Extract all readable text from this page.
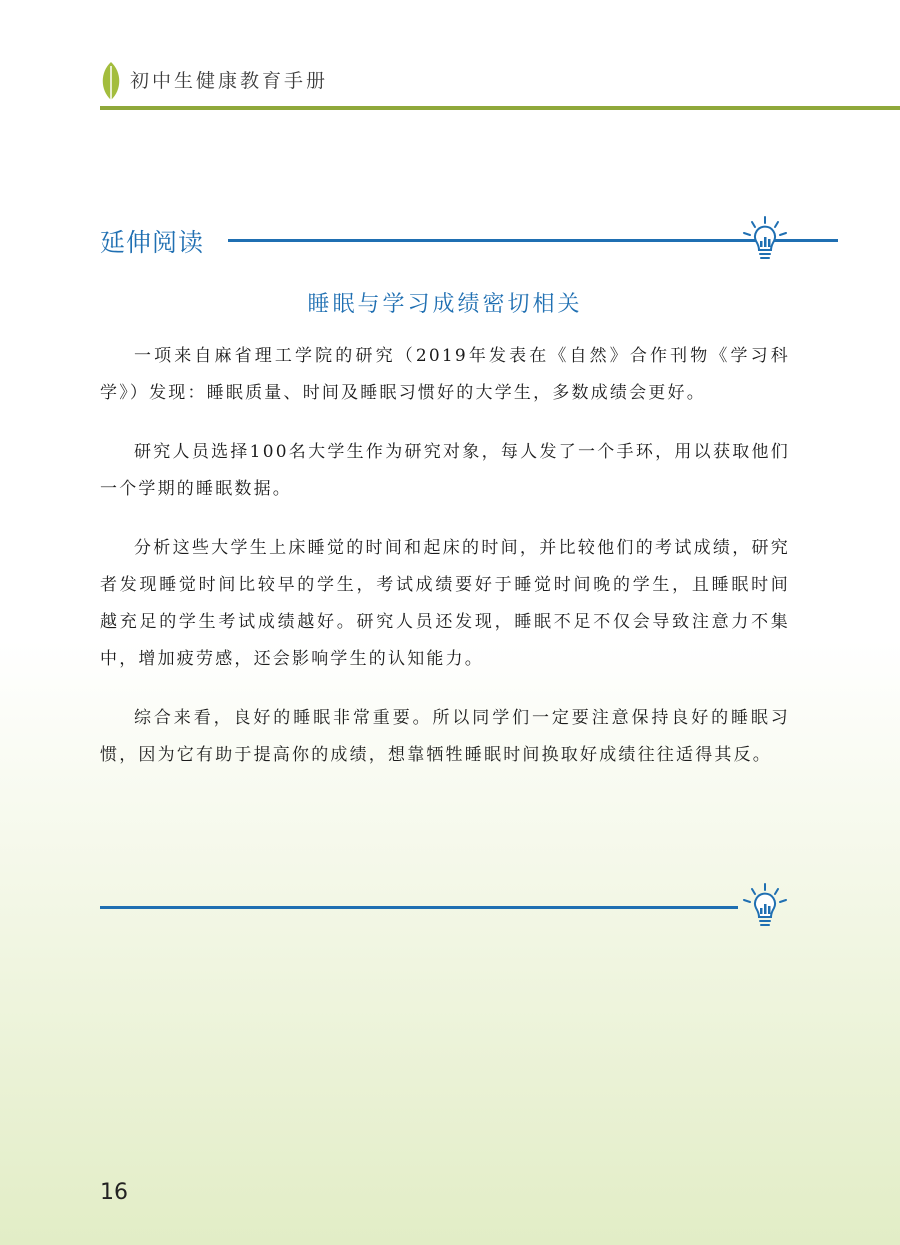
初中生健康教育手册
延伸阅读
睡眠与学习成绩密切相关

一项来自麻省理工学院的研究（2019年发表在《自然》合作刊物《学习科学》）发现：睡眠质量、时间及睡眠习惯好的大学生，多数成绩会更好。

研究人员选择100名大学生作为研究对象，每人发了一个手环，用以获取他们一个学期的睡眠数据。

分析这些大学生上床睡觉的时间和起床的时间，并比较他们的考试成绩，研究者发现睡觉时间比较早的学生，考试成绩要好于睡觉时间晚的学生，且睡眠时间越充足的学生考试成绩越好。研究人员还发现，睡眠不足不仅会导致注意力不集中，增加疲劳感，还会影响学生的认知能力。

综合来看，良好的睡眠非常重要。所以同学们一定要注意保持良好的睡眠习惯，因为它有助于提高你的成绩，想靠牺牲睡眠时间换取好成绩往往适得其反。

16
